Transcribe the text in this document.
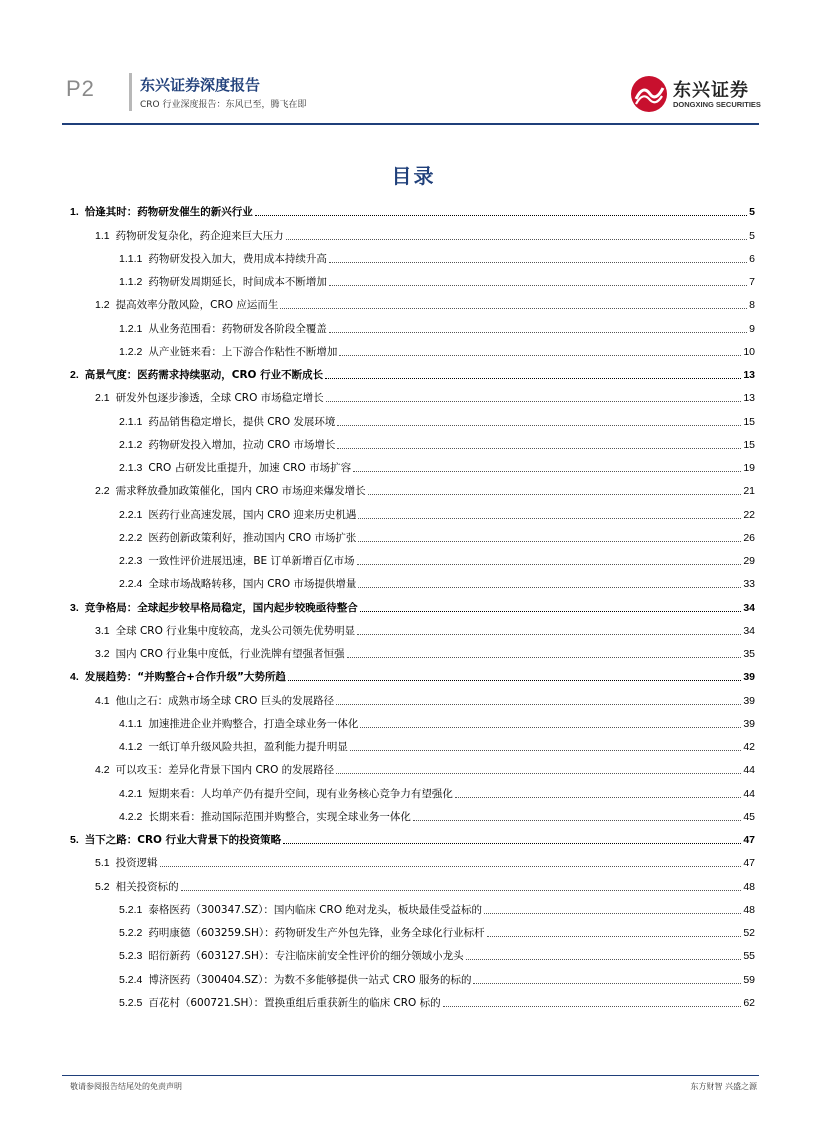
P2	东兴证券深度报告
CRO 行业深度报告：东风已至，腾飞在即
东兴证券
DONGXING SECURITIES
目录
1. 恰逢其时：药物研发催生的新兴行业	5
1.1 药物研发复杂化，药企迎来巨大压力	5
1.1.1 药物研发投入加大，费用成本持续升高	6
1.1.2 药物研发周期延长，时间成本不断增加	7
1.2 提高效率分散风险，CRO 应运而生	8
1.2.1 从业务范围看：药物研发各阶段全覆盖	9
1.2.2 从产业链来看：上下游合作粘性不断增加	10
2. 高景气度：医药需求持续驱动，CRO 行业不断成长	13
2.1 研发外包逐步渗透，全球 CRO 市场稳定增长	13
2.1.1 药品销售稳定增长，提供 CRO 发展环境	15
2.1.2 药物研发投入增加，拉动 CRO 市场增长	15
2.1.3 CRO 占研发比重提升，加速 CRO 市场扩容	19
2.2 需求释放叠加政策催化，国内 CRO 市场迎来爆发增长	21
2.2.1 医药行业高速发展，国内 CRO 迎来历史机遇	22
2.2.2 医药创新政策利好，推动国内 CRO 市场扩张	26
2.2.3 一致性评价进展迅速，BE 订单新增百亿市场	29
2.2.4 全球市场战略转移，国内 CRO 市场提供增量	33
3. 竞争格局：全球起步较早格局稳定，国内起步较晚亟待整合	34
3.1 全球 CRO 行业集中度较高，龙头公司领先优势明显	34
3.2 国内 CRO 行业集中度低，行业洗牌有望强者恒强	35
4. 发展趋势：“并购整合+合作升级”大势所趋	39
4.1 他山之石：成熟市场全球 CRO 巨头的发展路径	39
4.1.1 加速推进企业并购整合，打造全球业务一体化	39
4.1.2 一纸订单升级风险共担，盈利能力提升明显	42
4.2 可以攻玉：差异化背景下国内 CRO 的发展路径	44
4.2.1 短期来看：人均单产仍有提升空间，现有业务核心竞争力有望强化	44
4.2.2 长期来看：推动国际范围并购整合，实现全球业务一体化	45
5. 当下之路：CRO 行业大背景下的投资策略	47
5.1 投资逻辑	47
5.2 相关投资标的	48
5.2.1 泰格医药（300347.SZ）：国内临床 CRO 绝对龙头，板块最佳受益标的	48
5.2.2 药明康德（603259.SH）：药物研发生产外包先锋，业务全球化行业标杆	52
5.2.3 昭衍新药（603127.SH）：专注临床前安全性评价的细分领域小龙头	55
5.2.4 博济医药（300404.SZ）：为数不多能够提供一站式 CRO 服务的标的	59
5.2.5 百花村（600721.SH）：置换重组后重获新生的临床 CRO 标的	62
敬请参阅报告结尾处的免责声明	东方财智 兴盛之源
